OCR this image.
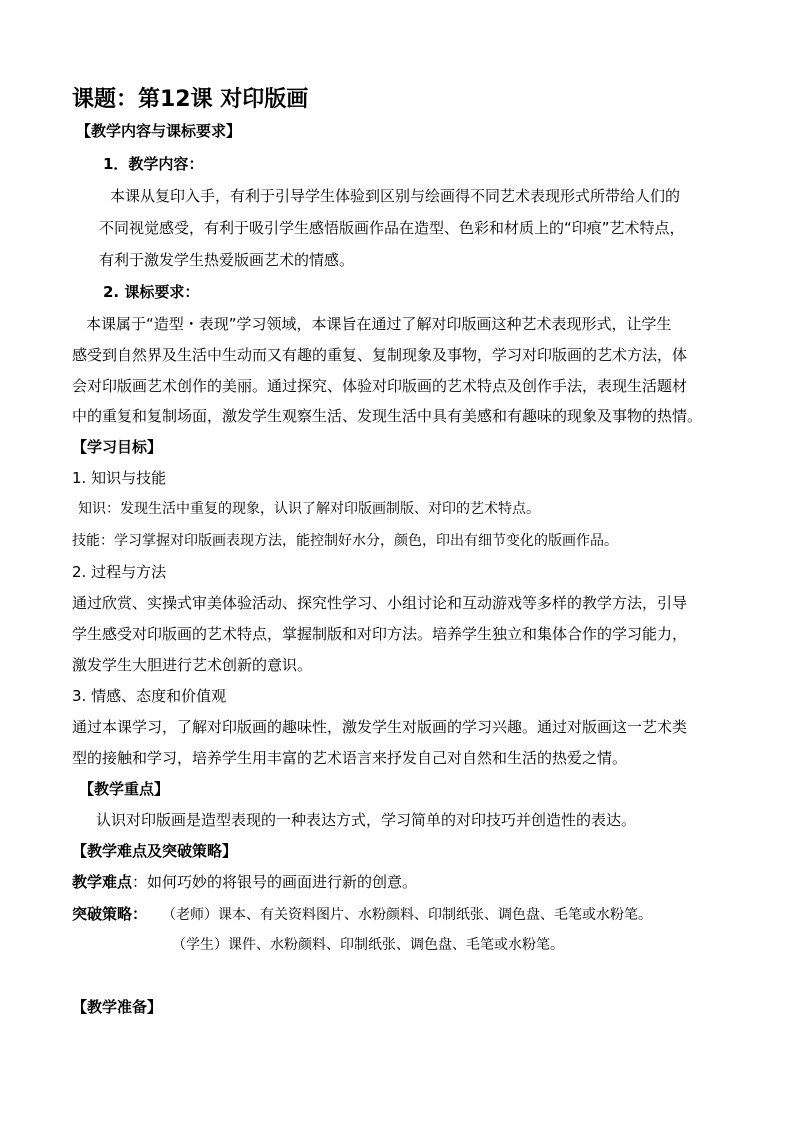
课题：第12课 对印版画
【教学内容与课标要求】
1．教学内容：
本课从复印入手，有利于引导学生体验到区别与绘画得不同艺术表现形式所带给人们的
不同视觉感受，有利于吸引学生感悟版画作品在造型、色彩和材质上的“印痕”艺术特点，
有利于激发学生热爱版画艺术的情感。
2. 课标要求：
本课属于“造型・表现”学习领域，本课旨在通过了解对印版画这种艺术表现形式，让学生
感受到自然界及生活中生动而又有趣的重复、复制现象及事物，学习对印版画的艺术方法，体
会对印版画艺术创作的美丽。通过探究、体验对印版画的艺术特点及创作手法，表现生活题材
中的重复和复制场面，激发学生观察生活、发现生活中具有美感和有趣味的现象及事物的热情。
【学习目标】
1. 知识与技能
知识：发现生活中重复的现象，认识了解对印版画制版、对印的艺术特点。
技能：学习掌握对印版画表现方法，能控制好水分，颜色，印出有细节变化的版画作品。
2. 过程与方法
通过欣赏、实操式审美体验活动、探究性学习、小组讨论和互动游戏等多样的教学方法，引导
学生感受对印版画的艺术特点，掌握制版和对印方法。培养学生独立和集体合作的学习能力，
激发学生大胆进行艺术创新的意识。
3. 情感、态度和价值观
通过本课学习，了解对印版画的趣味性，激发学生对版画的学习兴趣。通过对版画这一艺术类
型的接触和学习，培养学生用丰富的艺术语言来抒发自己对自然和生活的热爱之情。
【教学重点】
认识对印版画是造型表现的一种表达方式，学习简单的对印技巧并创造性的表达。
【教学难点及突破策略】
教学难点：如何巧妙的将银号的画面进行新的创意。
突破策略： （老师）课本、有关资料图片、水粉颜料、印制纸张、调色盘、毛笔或水粉笔。
（学生）课件、水粉颜料、印制纸张、调色盘、毛笔或水粉笔。
【教学准备】
